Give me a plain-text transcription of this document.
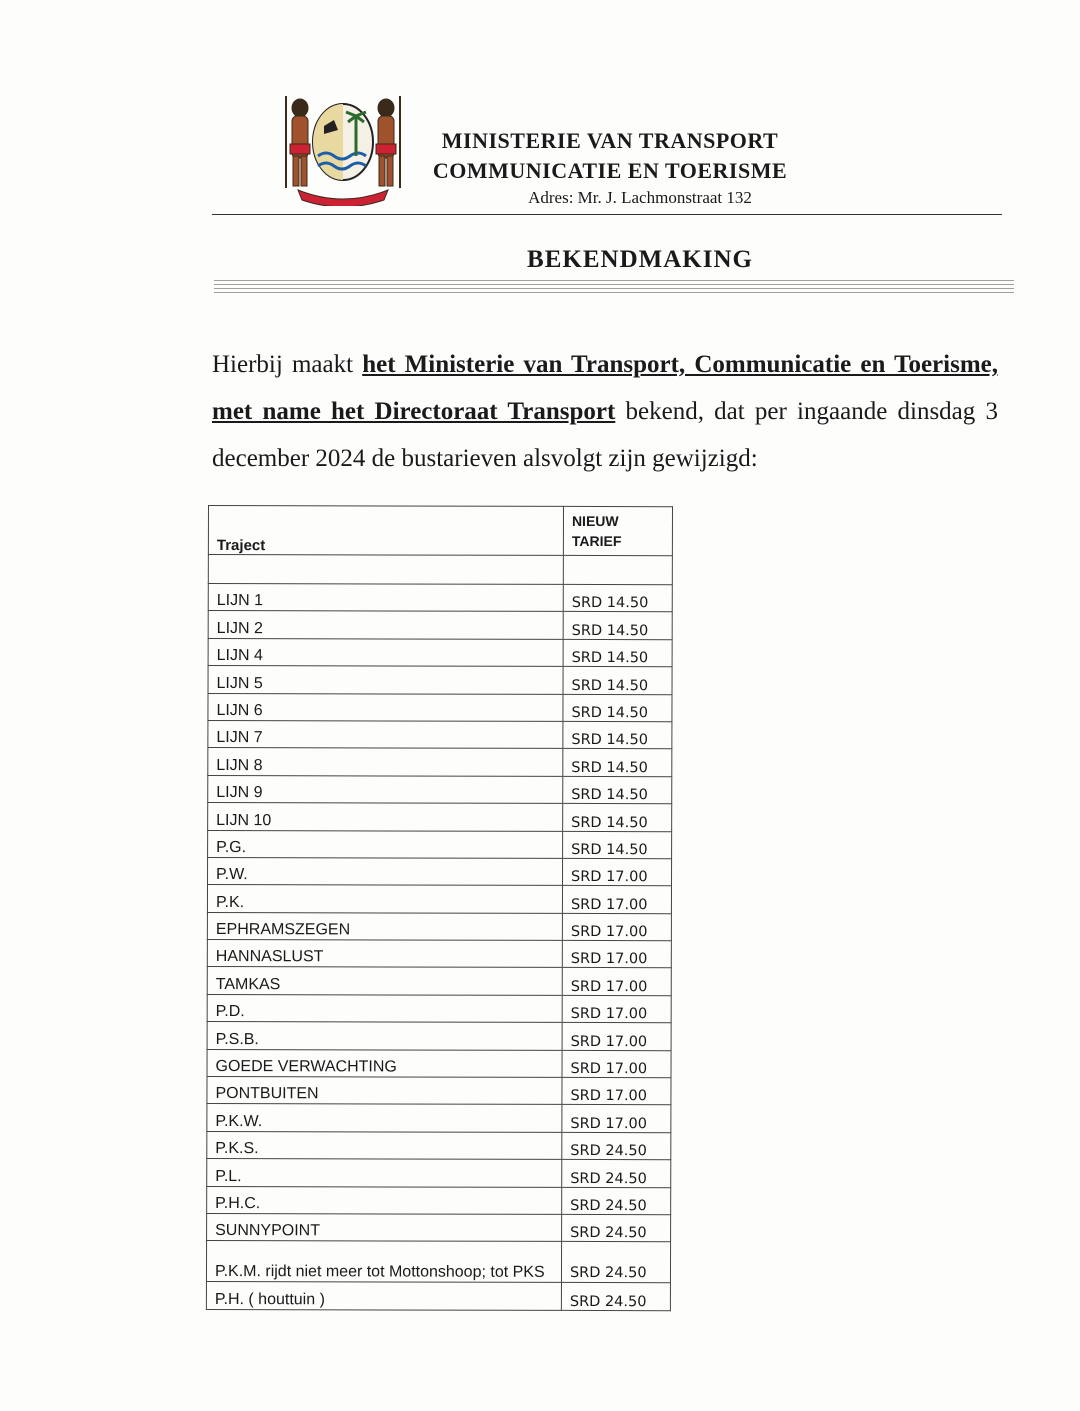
MINISTERIE VAN TRANSPORT
COMMUNICATIE EN TOERISME
Adres: Mr. J. Lachmonstraat 132
BEKENDMAKING

Hierbij maakt het Ministerie van Transport, Communicatie en Toerisme, met name het Directoraat Transport bekend, dat per ingaande dinsdag 3 december 2024 de bustarieven alsvolgt zijn gewijzigd:

Traject	NIEUW
TARIEF

LIJN 1	SRD 14.50
LIJN 2	SRD 14.50
LIJN 4	SRD 14.50
LIJN 5	SRD 14.50
LIJN 6	SRD 14.50
LIJN 7	SRD 14.50
LIJN 8	SRD 14.50
LIJN 9	SRD 14.50
LIJN 10	SRD 14.50
P.G.	SRD 14.50
P.W.	SRD 17.00
P.K.	SRD 17.00
EPHRAMSZEGEN	SRD 17.00
HANNASLUST	SRD 17.00
TAMKAS	SRD 17.00
P.D.	SRD 17.00
P.S.B.	SRD 17.00
GOEDE VERWACHTING	SRD 17.00
PONTBUITEN	SRD 17.00
P.K.W.	SRD 17.00
P.K.S.	SRD 24.50
P.L.	SRD 24.50
P.H.C.	SRD 24.50
SUNNYPOINT	SRD 24.50
P.K.M. rijdt niet meer tot Mottonshoop; tot PKS	SRD 24.50
P.H. ( houttuin )	SRD 24.50
